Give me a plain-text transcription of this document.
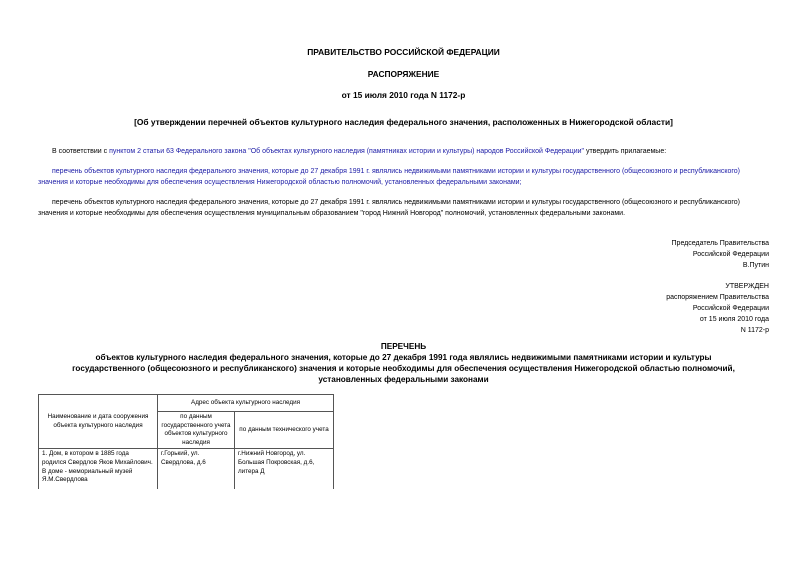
ПРАВИТЕЛЬСТВО РОССИЙСКОЙ ФЕДЕРАЦИИ
РАСПОРЯЖЕНИЕ
от 15 июля 2010 года N 1172-р
[Об утверждении перечней объектов культурного наследия федерального значения, расположенных в Нижегородской области]
В соответствии с пунктом 2 статьи 63 Федерального закона "Об объектах культурного наследия (памятниках истории и культуры) народов Российской Федерации" утвердить прилагаемые:
перечень объектов культурного наследия федерального значения, которые до 27 декабря 1991 г. являлись недвижимыми памятниками истории и культуры государственного (общесоюзного и республиканского) значения и которые необходимы для обеспечения осуществления Нижегородской областью полномочий, установленных федеральными законами;
перечень объектов культурного наследия федерального значения, которые до 27 декабря 1991 г. являлись недвижимыми памятниками истории и культуры государственного (общесоюзного и республиканского) значения и которые необходимы для обеспечения осуществления муниципальным образованием "город Нижний Новгород" полномочий, установленных федеральными законами.
Председатель Правительства
Российской Федерации
В.Путин
УТВЕРЖДЕН
распоряжением Правительства
Российской Федерации
от 15 июля 2010 года
N 1172-р
ПЕРЕЧЕНЬ
объектов культурного наследия федерального значения, которые до 27 декабря 1991 года являлись недвижимыми памятниками истории и культуры
государственного (общесоюзного и республиканского) значения и которые необходимы для обеспечения осуществления Нижегородской областью полномочий,
установленных федеральными законами
Наименование и дата сооружения объекта культурного наследия	Адрес объекта культурного наследия	
	по данным государственного учета объектов культурного наследия	по данным технического учета
1. Дом, в котором в 1885 года родился Свердлов Яков Михайлович. В доме - мемориальный музей Я.М.Свердлова	г.Горький, ул. Свердлова, д.6	г.Нижний Новгород, ул. Большая Покровская, д.6, литера Д
